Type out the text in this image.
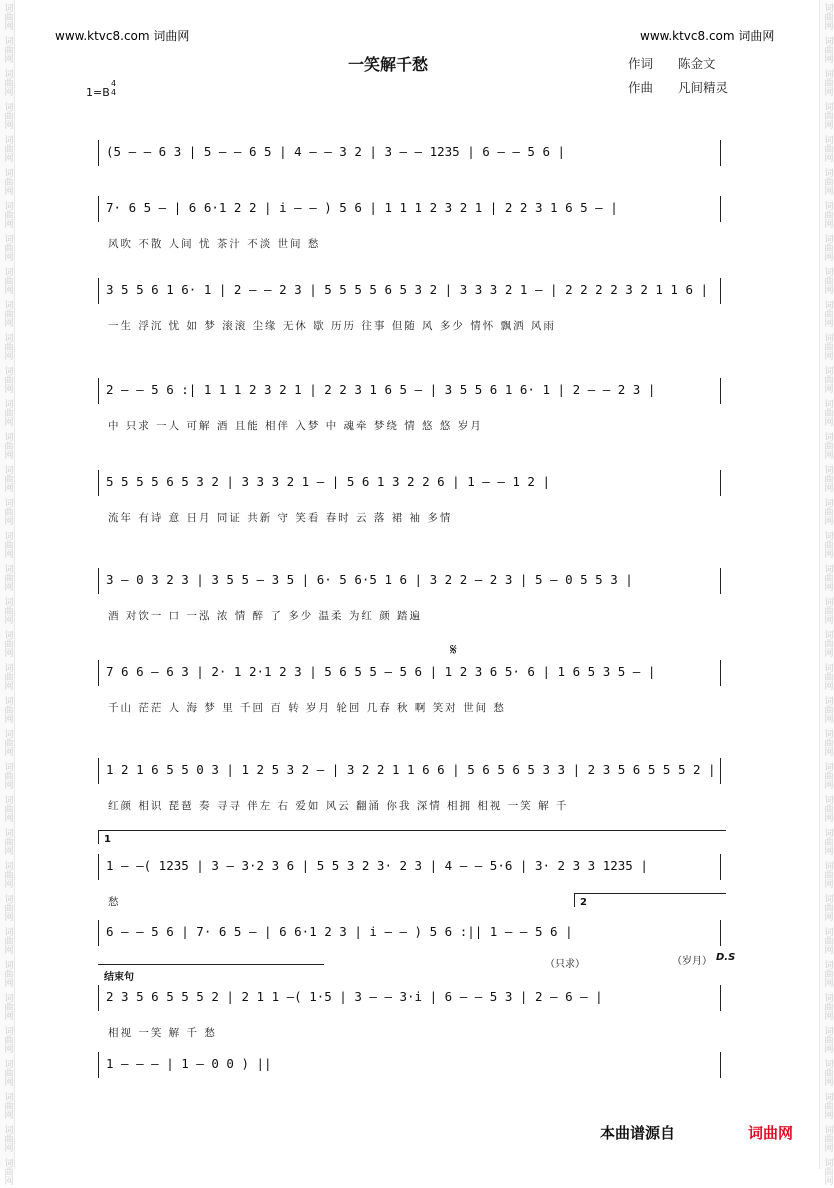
词曲网
词曲网
词曲网
词曲网
词曲网
词曲网
词曲网
词曲网
词曲网
词曲网
词曲网
词曲网
词曲网
词曲网
词曲网
词曲网
词曲网
词曲网
词曲网
词曲网
词曲网
词曲网
词曲网
词曲网
词曲网
词曲网
词曲网
词曲网
词曲网
词曲网
词曲网
词曲网
词曲网
词曲网
词曲网
词曲网
词曲网
词曲网
词曲网
词曲网
词曲网
词曲网
词曲网
词曲网
词曲网
词曲网
词曲网
词曲网
词曲网
词曲网
词曲网
词曲网
词曲网
词曲网
词曲网
词曲网
词曲网
词曲网
词曲网
词曲网
词曲网
词曲网
词曲网
词曲网
词曲网
词曲网
词曲网
词曲网
词曲网
词曲网
词曲网
词曲网
www.ktvc8.com 词曲网	www.ktvc8.com 词曲网
一笑解千愁	作词 陈金文
作曲 凡间精灵
1=B
4
4
(5 – – 6 3 | 5 – – 6 5 | 4 – – 3 2 | 3 – – 1235 | 6 – – 5 6 |
7· 6 5 – | 6 6·1 2 2 | i – – ) 5 6 | 1 1 1 2 3 2 1 | 2 2 3 1 6 5 – |
风吹 不散 人间 忧 茶汁 不淡 世间 愁
3 5 5 6 1 6· 1 | 2 – – 2 3 | 5 5 5 5 6 5 3 2 | 3 3 3 2 1 – | 2 2 2 2 3 2 1 1 6 |
一生 浮沉 忧 如 梦 滚滚 尘缘 无休 歇 历历 往事 但随 风 多少 情怀 飘洒 风雨
2 – – 5 6 :| 1 1 1 2 3 2 1 | 2 2 3 1 6 5 – | 3 5 5 6 1 6· 1 | 2 – – 2 3 |
中 只求 一人 可解 酒 且能 相伴 入梦 中 魂牵 梦绕 情 悠 悠 岁月
5 5 5 5 6 5 3 2 | 3 3 3 2 1 – | 5 6 1 3 2 2 6 | 1 – – 1 2 |
流年 有诗 意 日月 同证 共新 守 笑看 春时 云 落 裙 袖 多情
3 – 0 3 2 3 | 3 5 5 – 3 5 | 6· 5 6·5 1 6 | 3 2 2 – 2 3 | 5 – 0 5 5 3 |
酒 对饮一 口 一泓 浓 情 醉 了 多少 温柔 为红 颜 踏遍
7 6 6 – 6 3 | 2· 1 2·1 2 3 | 5 6 5 5 – 5 6 | 1 2 3 6 5· 6 | 1 6 5 3 5 – |
千山 茫茫 人 海 梦 里 千回 百 转 岁月 轮回 几春 秋 啊 笑对 世间 愁
1 2 1 6 5 5 0 3 | 1 2 5 3 2 – | 3 2 2 1 1 6 6 | 5 6 5 6 5 3 3 | 2 3 5 6 5 5 5 2 |
红颜 相识 琵琶 奏 寻寻 伴左 右 爱如 风云 翻涌 你我 深情 相拥 相视 一笑 解 千
1 – –( 1235 | 3 – 3·2 3 6 | 5 5 3 2 3· 2 3 | 4 – – 5·6 | 3· 2 3 3 1235 |
愁
6 – – 5 6 | 7· 6 5 – | 6 6·1 2 3 | i – – ) 5 6 :|| 1 – – 5 6 |
2 3 5 6 5 5 5 2 | 2 1 1 –( 1·5 | 3 – – 3·i | 6 – – 5 3 | 2 – 6 – |
相视 一笑 解 千 愁
1 – – – | 1 – 0 0 ) ||
1
2
结束句
𝄋
D.S
（只求）	（岁月）
本曲谱源自	词曲网
